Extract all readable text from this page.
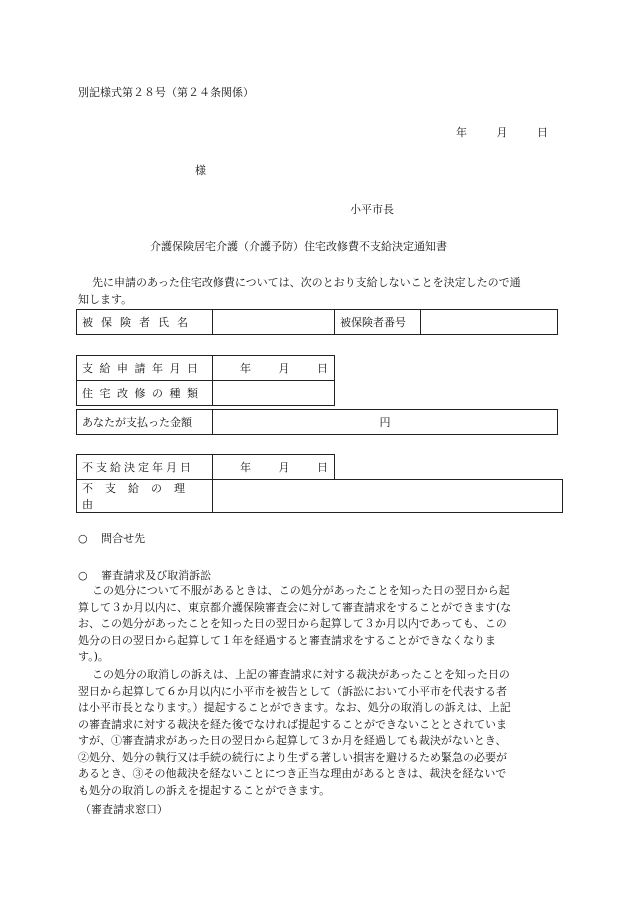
別記様式第２８号（第２４条関係）
年	月	日
様
小平市長
介護保険居宅介護（介護予防）住宅改修費不支給決定通知書
先に申請のあった住宅改修費については、次のとおり支給しないことを決定したので通
知します。
被保険者氏名		被保険者番号	
支給申請年月日	年 月 日
住宅改修の種類	
あなたが支払った金額	円
不支給決定年月日	年	月	日
不支給の理由	
○ 問合せ先
○ 審査請求及び取消訴訟
この処分について不服があるときは、この処分があったことを知った日の翌日から起
算して３か月以内に、東京都介護保険審査会に対して審査請求をすることができます(な
お、この処分があったことを知った日の翌日から起算して３か月以内であっても、この
処分の日の翌日から起算して１年を経過すると審査請求をすることができなくなりま
す。)。
この処分の取消しの訴えは、上記の審査請求に対する裁決があったことを知った日の
翌日から起算して６か月以内に小平市を被告として（訴訟において小平市を代表する者
は小平市長となります。）提起することができます。なお、処分の取消しの訴えは、上記
の審査請求に対する裁決を経た後でなければ提起することができないこととされていま
すが、①審査請求があった日の翌日から起算して３か月を経過しても裁決がないとき、
②処分、処分の執行又は手続の続行により生ずる著しい損害を避けるため緊急の必要が
あるとき、③その他裁決を経ないことにつき正当な理由があるときは、裁決を経ないで
も処分の取消しの訴えを提起することができます。
（審査請求窓口）
